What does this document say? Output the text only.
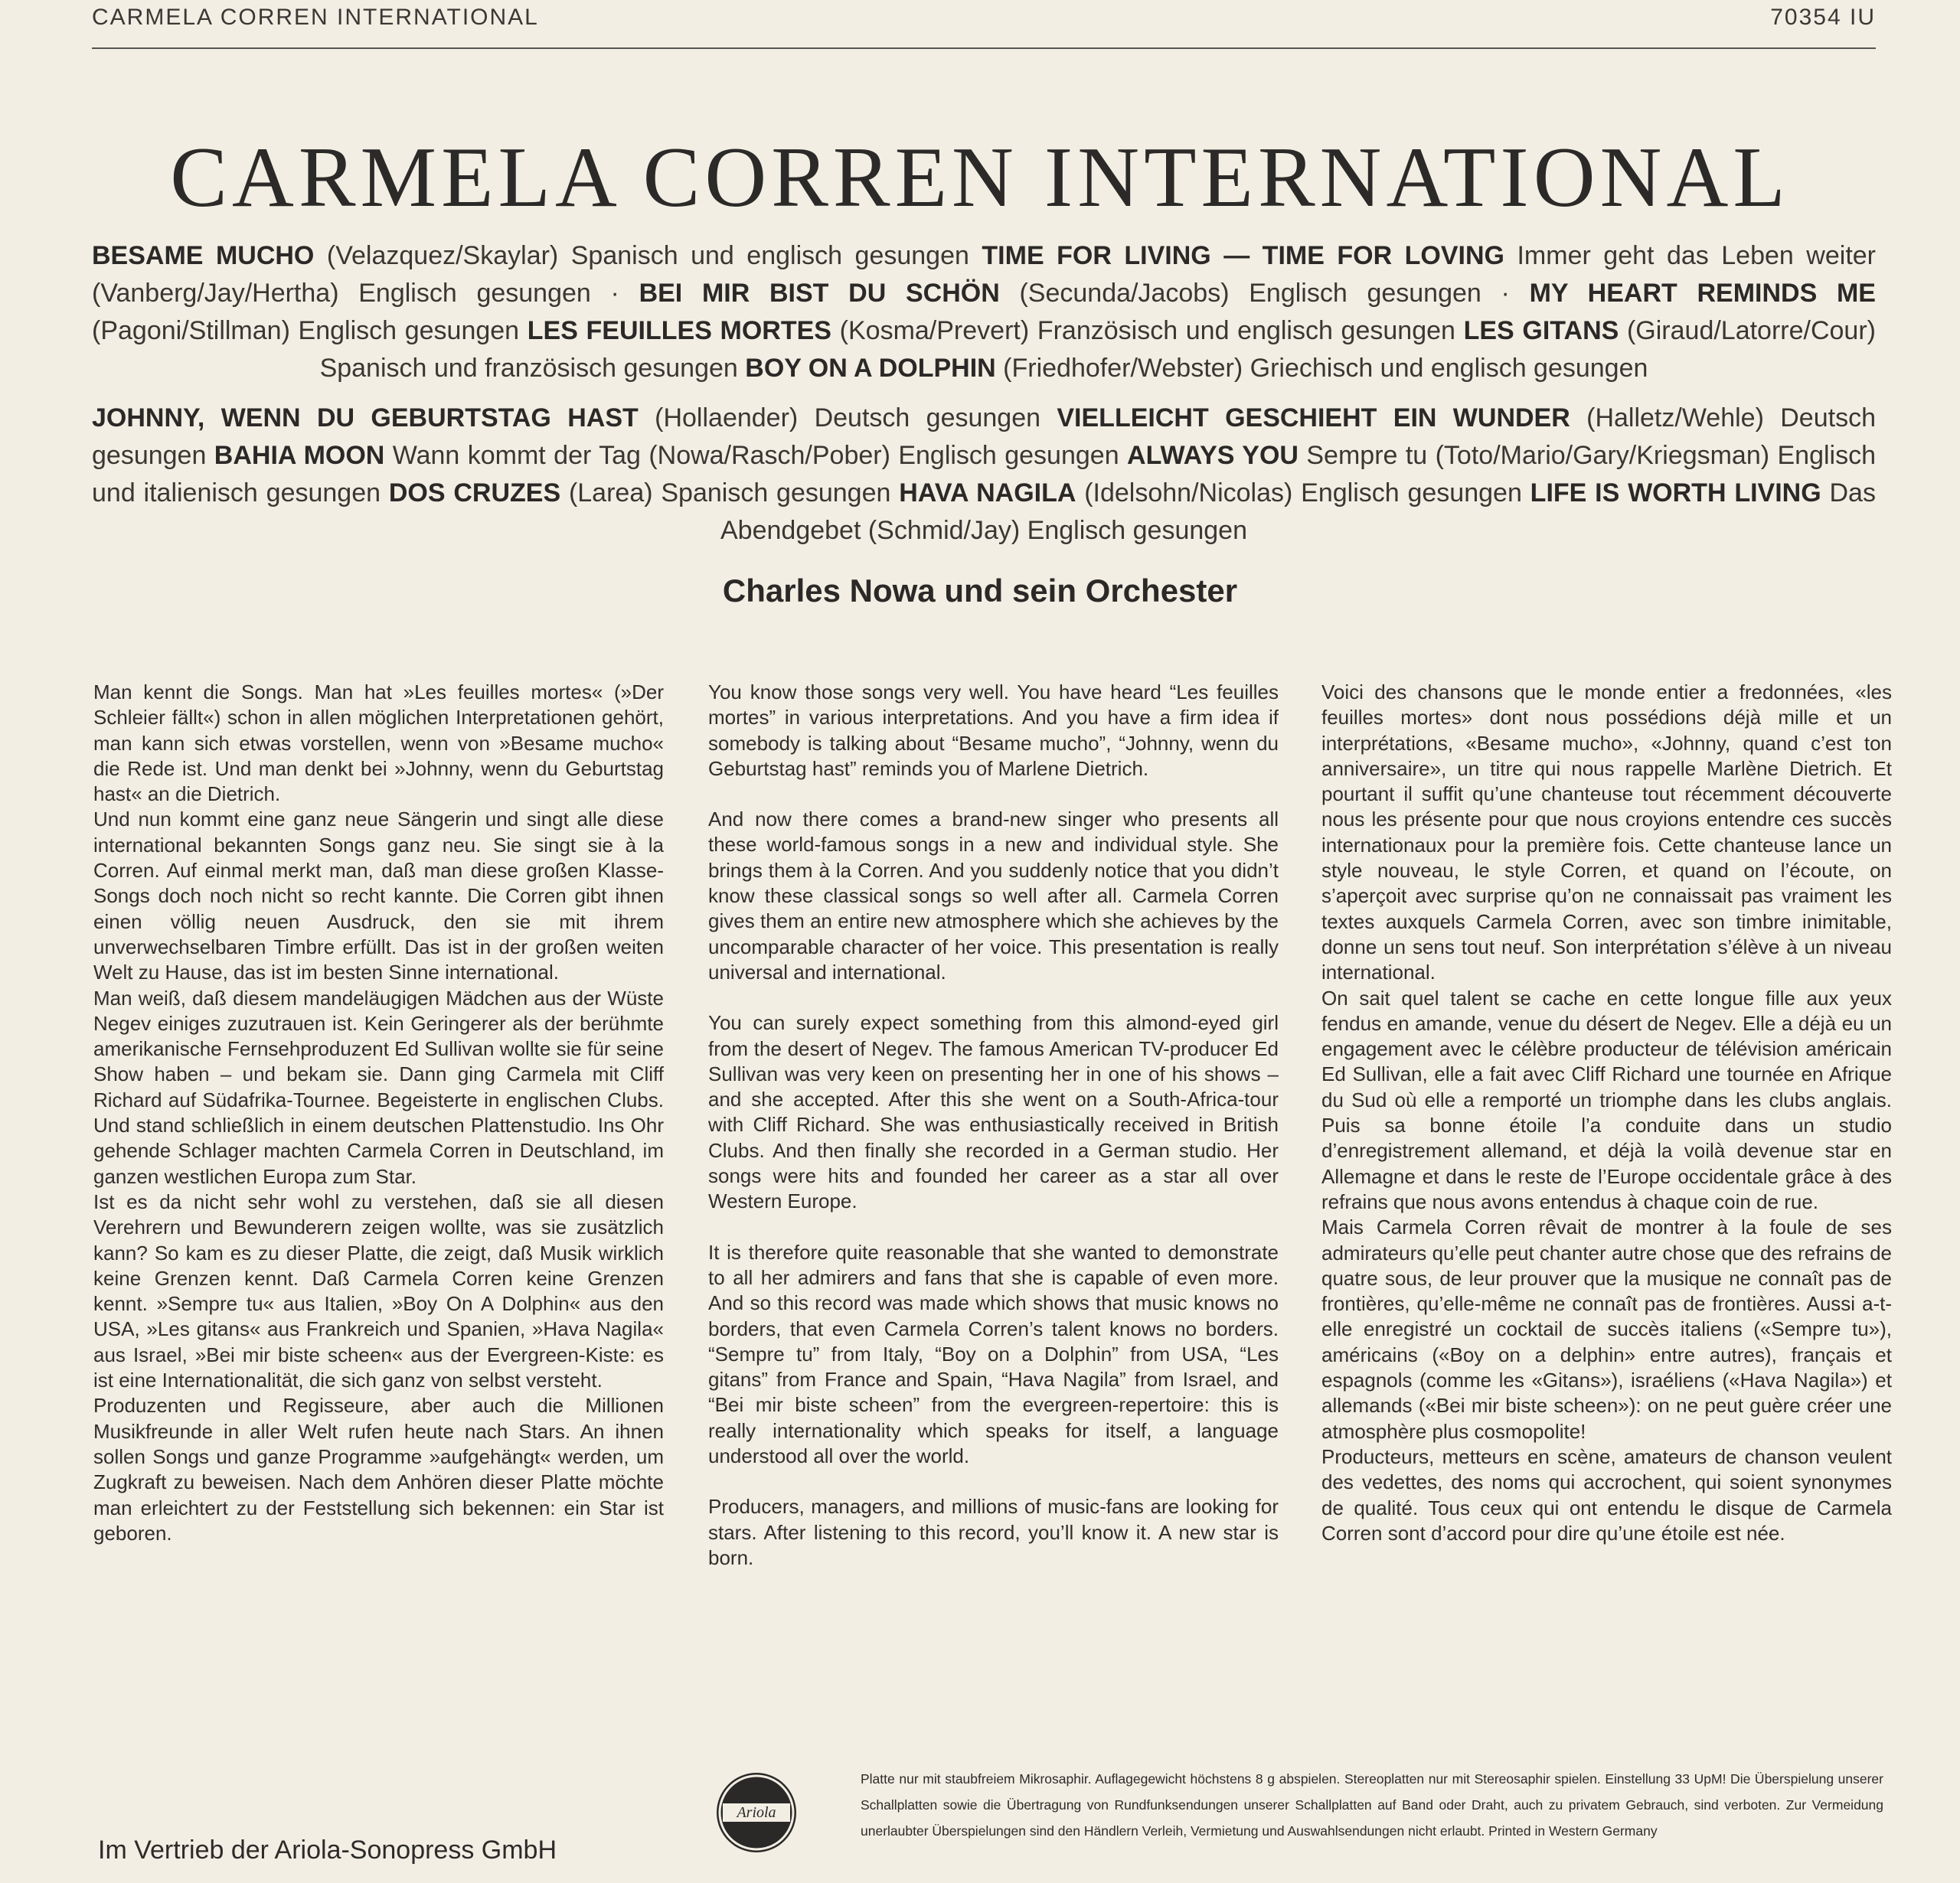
CARMELA CORREN INTERNATIONAL	70354 IU
CARMELA CORREN INTERNATIONAL

BESAME MUCHO (Velazquez/Skaylar) Spanisch und englisch gesungen TIME FOR LIVING — TIME FOR LOVING Immer geht das Leben weiter (Vanberg/Jay/Hertha) Englisch gesungen · BEI MIR BIST DU SCHÖN (Secunda/Jacobs) Englisch gesungen · MY HEART REMINDS ME (Pagoni/Stillman) Englisch gesungen LES FEUILLES MORTES (Kosma/Prevert) Französisch und englisch gesungen LES GITANS (Giraud/Latorre/Cour) Spanisch und französisch gesungen BOY ON A DOLPHIN (Friedhofer/Webster) Griechisch und englisch gesungen

JOHNNY, WENN DU GEBURTSTAG HAST (Hollaender) Deutsch gesungen VIELLEICHT GESCHIEHT EIN WUNDER (Halletz/Wehle) Deutsch gesungen BAHIA MOON Wann kommt der Tag (Nowa/Rasch/Pober) Englisch gesungen ALWAYS YOU Sempre tu (Toto/Mario/Gary/Kriegsman) Englisch und italienisch gesungen DOS CRUZES (Larea) Spanisch gesungen HAVA NAGILA (Idelsohn/Nicolas) Englisch gesungen LIFE IS WORTH LIVING Das Abendgebet (Schmid/Jay) Englisch gesungen

Charles Nowa und sein Orchester

Man kennt die Songs. Man hat »Les feuilles mortes« (»Der Schleier fällt«) schon in allen möglichen Interpretationen gehört, man kann sich etwas vorstellen, wenn von »Besame mucho« die Rede ist. Und man denkt bei »Johnny, wenn du Geburtstag hast« an die Dietrich.

Und nun kommt eine ganz neue Sängerin und singt alle diese international bekannten Songs ganz neu. Sie singt sie à la Corren. Auf einmal merkt man, daß man diese großen Klasse-Songs doch noch nicht so recht kannte. Die Corren gibt ihnen einen völlig neuen Ausdruck, den sie mit ihrem unverwechselbaren Timbre erfüllt. Das ist in der großen weiten Welt zu Hause, das ist im besten Sinne international.

Man weiß, daß diesem mandeläugigen Mädchen aus der Wüste Negev einiges zuzutrauen ist. Kein Geringerer als der berühmte amerikanische Fernsehproduzent Ed Sullivan wollte sie für seine Show haben – und bekam sie. Dann ging Carmela mit Cliff Richard auf Südafrika-Tournee. Begeisterte in englischen Clubs. Und stand schließlich in einem deutschen Plattenstudio. Ins Ohr gehende Schlager machten Carmela Corren in Deutschland, im ganzen westlichen Europa zum Star.

Ist es da nicht sehr wohl zu verstehen, daß sie all diesen Verehrern und Bewunderern zeigen wollte, was sie zusätzlich kann? So kam es zu dieser Platte, die zeigt, daß Musik wirklich keine Grenzen kennt. Daß Carmela Corren keine Grenzen kennt. »Sempre tu« aus Italien, »Boy On A Dolphin« aus den USA, »Les gitans« aus Frankreich und Spanien, »Hava Nagila« aus Israel, »Bei mir biste scheen« aus der Evergreen-Kiste: es ist eine Internationalität, die sich ganz von selbst versteht.

Produzenten und Regisseure, aber auch die Millionen Musikfreunde in aller Welt rufen heute nach Stars. An ihnen sollen Songs und ganze Programme »aufgehängt« werden, um Zugkraft zu beweisen. Nach dem Anhören dieser Platte möchte man erleichtert zu der Feststellung sich bekennen: ein Star ist geboren.

You know those songs very well. You have heard “Les feuilles mortes” in various interpretations. And you have a firm idea if somebody is talking about “Besame mucho”, “Johnny, wenn du Geburtstag hast” reminds you of Marlene Dietrich.

And now there comes a brand-new singer who presents all these world-famous songs in a new and individual style. She brings them à la Corren. And you suddenly notice that you didn’t know these classical songs so well after all. Carmela Corren gives them an entire new atmosphere which she achieves by the uncomparable character of her voice. This presentation is really universal and international.

You can surely expect something from this almond-eyed girl from the desert of Negev. The famous American TV-producer Ed Sullivan was very keen on presenting her in one of his shows – and she accepted. After this she went on a South-Africa-tour with Cliff Richard. She was enthusiastically received in British Clubs. And then finally she recorded in a German studio. Her songs were hits and founded her career as a star all over Western Europe.

It is therefore quite reasonable that she wanted to demonstrate to all her admirers and fans that she is capable of even more. And so this record was made which shows that music knows no borders, that even Carmela Corren’s talent knows no borders. “Sempre tu” from Italy, “Boy on a Dolphin” from USA, “Les gitans” from France and Spain, “Hava Nagila” from Israel, and “Bei mir biste scheen” from the evergreen-repertoire: this is really internationality which speaks for itself, a language understood all over the world.

Producers, managers, and millions of music-fans are looking for stars. After listening to this record, you’ll know it. A new star is born.

Voici des chansons que le monde entier a fredonnées, «les feuilles mortes» dont nous possédions déjà mille et un interprétations, «Besame mucho», «Johnny, quand c’est ton anniversaire», un titre qui nous rappelle Marlène Dietrich. Et pourtant il suffit qu’une chanteuse tout récemment découverte nous les présente pour que nous croyions entendre ces succès internationaux pour la première fois. Cette chanteuse lance un style nouveau, le style Corren, et quand on l’écoute, on s’aperçoit avec surprise qu’on ne connaissait pas vraiment les textes auxquels Carmela Corren, avec son timbre inimitable, donne un sens tout neuf. Son interprétation s’élève à un niveau international.

On sait quel talent se cache en cette longue fille aux yeux fendus en amande, venue du désert de Negev. Elle a déjà eu un engagement avec le célèbre producteur de télévision américain Ed Sullivan, elle a fait avec Cliff Richard une tournée en Afrique du Sud où elle a remporté un triomphe dans les clubs anglais. Puis sa bonne étoile l’a conduite dans un studio d’enregistrement allemand, et déjà la voilà devenue star en Allemagne et dans le reste de l’Europe occidentale grâce à des refrains que nous avons entendus à chaque coin de rue.

Mais Carmela Corren rêvait de montrer à la foule de ses admirateurs qu’elle peut chanter autre chose que des refrains de quatre sous, de leur prouver que la musique ne connaît pas de frontières, qu’elle-même ne connaît pas de frontières. Aussi a-t-elle enregistré un cocktail de succès italiens («Sempre tu»), américains («Boy on a delphin» entre autres), français et espagnols (comme les «Gitans»), israéliens («Hava Nagila») et allemands («Bei mir biste scheen»): on ne peut guère créer une atmosphère plus cosmopolite!

Producteurs, metteurs en scène, amateurs de chanson veulent des vedettes, des noms qui accrochent, qui soient synonymes de qualité. Tous ceux qui ont entendu le disque de Carmela Corren sont d’accord pour dire qu’une étoile est née.

Im Vertrieb der Ariola-Sonopress GmbH
Ariola
Platte nur mit staubfreiem Mikrosaphir. Auflagegewicht höchstens 8 g abspielen. Stereoplatten nur mit Stereosaphir spielen. Einstellung 33 UpM! Die Überspielung unserer Schallplatten sowie die Übertragung von Rundfunksendungen unserer Schallplatten auf Band oder Draht, auch zu privatem Gebrauch, sind verboten. Zur Vermeidung unerlaubter Überspielungen sind den Händlern Verleih, Vermietung und Auswahlsendungen nicht erlaubt. Printed in Western Germany
